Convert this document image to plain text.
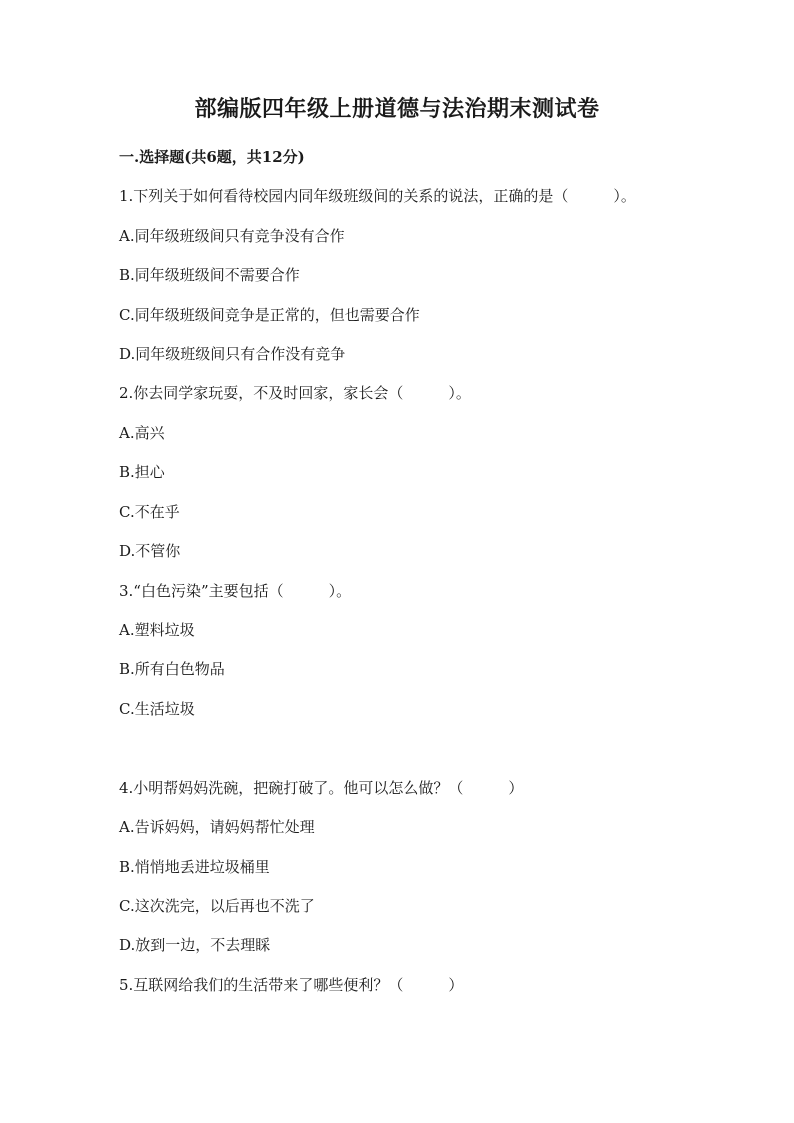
部编版四年级上册道德与法治期末测试卷
一.选择题(共6题，共12分)
1.下列关于如何看待校园内同年级班级间的关系的说法，正确的是（　　　）。
A.同年级班级间只有竞争没有合作
B.同年级班级间不需要合作
C.同年级班级间竞争是正常的，但也需要合作
D.同年级班级间只有合作没有竞争
2.你去同学家玩耍，不及时回家，家长会（　　　）。
A.高兴
B.担心
C.不在乎
D.不管你
3.“白色污染”主要包括（　　　）。
A.塑料垃圾
B.所有白色物品
C.生活垃圾
4.小明帮妈妈洗碗，把碗打破了。他可以怎么做？（　　　）
A.告诉妈妈，请妈妈帮忙处理
B.悄悄地丢进垃圾桶里
C.这次洗完，以后再也不洗了
D.放到一边，不去理睬
5.互联网给我们的生活带来了哪些便利？（　　　）
